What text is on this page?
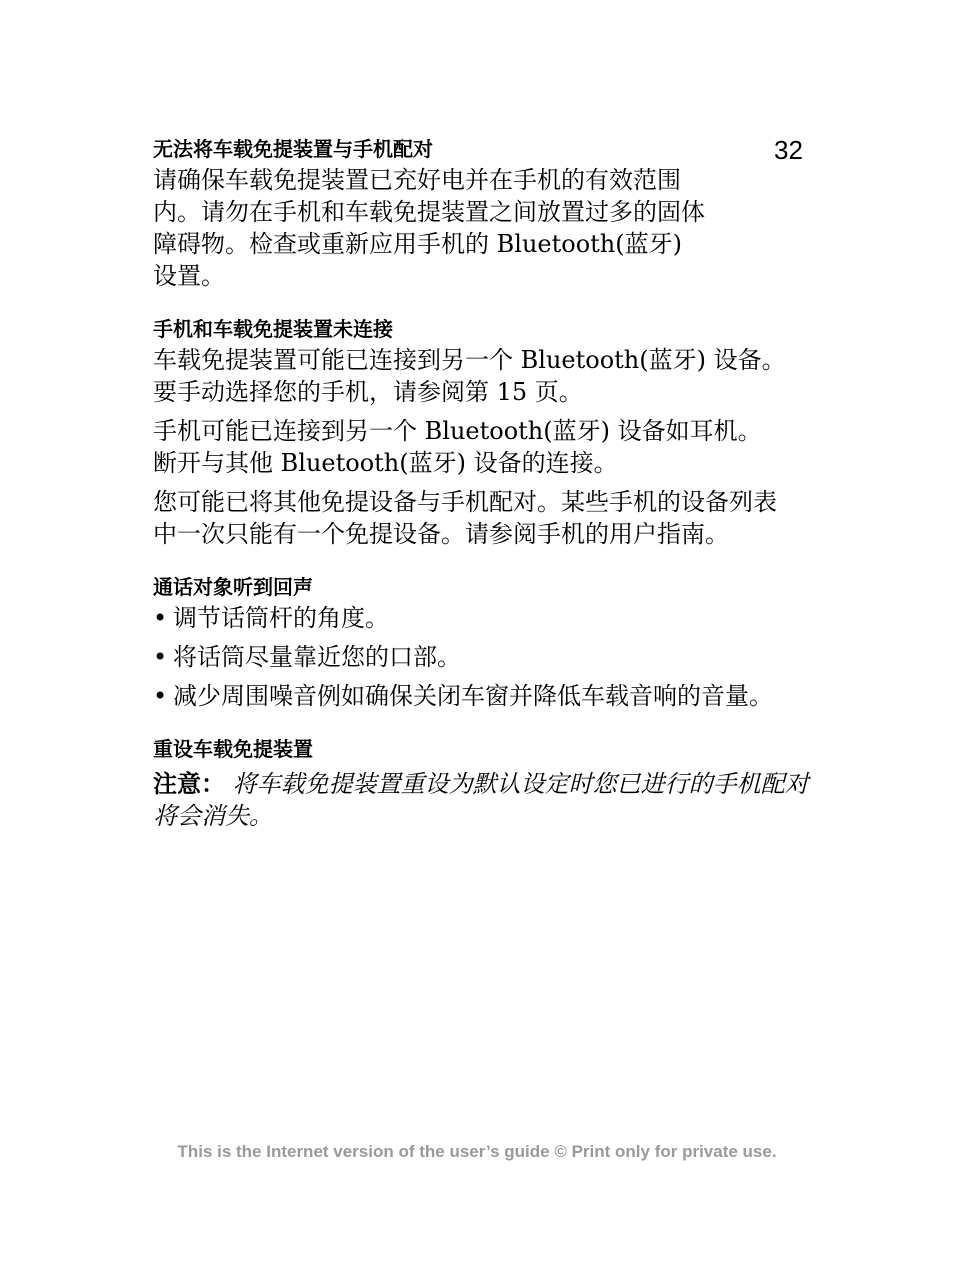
32
无法将车载免提装置与手机配对

请确保车载免提装置已充好电并在手机的有效范围内。请勿在手机和车载免提装置之间放置过多的固体障碍物。检查或重新应用手机的 Bluetooth(蓝牙) 设置。

手机和车载免提装置未连接

车载免提装置可能已连接到另一个 Bluetooth(蓝牙) 设备。要手动选择您的手机，请参阅第 15 页。

手机可能已连接到另一个 Bluetooth(蓝牙) 设备如耳机。断开与其他 Bluetooth(蓝牙) 设备的连接。

您可能已将其他免提设备与手机配对。某些手机的设备列表中一次只能有一个免提设备。请参阅手机的用户指南。

通话对象听到回声
• 调节话筒杆的角度。
• 将话筒尽量靠近您的口部。
• 减少周围噪音例如确保关闭车窗并降低车载音响的音量。
重设车载免提装置

注意： 将车载免提装置重设为默认设定时您已进行的手机配对将会消失。

This is the Internet version of the user’s guide © Print only for private use.
